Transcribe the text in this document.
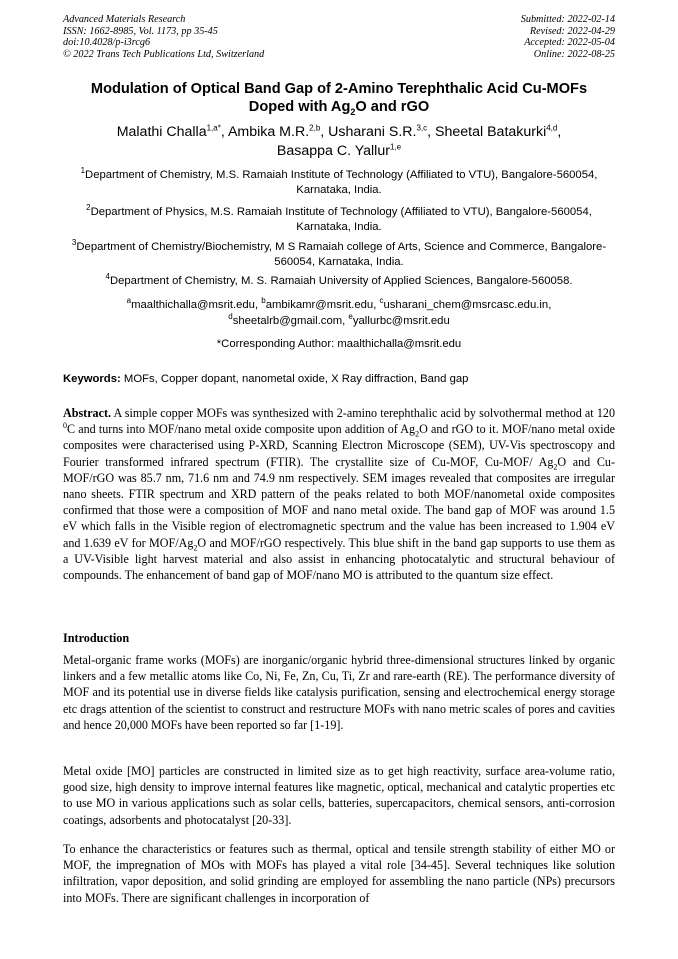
Advanced Materials Research
ISSN: 1662-8985, Vol. 1173, pp 35-45
doi:10.4028/p-i3rcg6
© 2022 Trans Tech Publications Ltd, Switzerland
Submitted: 2022-02-14
Revised: 2022-04-29
Accepted: 2022-05-04
Online: 2022-08-25
Modulation of Optical Band Gap of 2-Amino Terephthalic Acid Cu-MOFs
Doped with $Ag_2O$ and rGO
Malathi Challa$^{1,a*}$, Ambika M.R.$^{2,b}$, Usharani S.R.$^{3,c}$, Sheetal Batakurki$^{4,d}$,
Basappa C. Yallur$^{1,e}$
$^1$Department of Chemistry, M.S. Ramaiah Institute of Technology (Affiliated to VTU), Bangalore-560054, Karnataka, India.
$^2$Department of Physics, M.S. Ramaiah Institute of Technology (Affiliated to VTU), Bangalore-560054, Karnataka, India.
$^3$Department of Chemistry/Biochemistry, M S Ramaiah college of Arts, Science and Commerce, Bangalore-560054, Karnataka, India.
$^4$Department of Chemistry, M. S. Ramaiah University of Applied Sciences, Bangalore-560058.
$^a$maalthichalla@msrit.edu, $^b$ambikamr@msrit.edu, $^c$usharani_chem@msrcasc.edu.in,
$^d$sheetalrb@gmail.com, $^e$yallurbc@msrit.edu
*Corresponding Author: maalthichalla@msrit.edu
Keywords: MOFs, Copper dopant, nanometal oxide, X Ray diffraction, Band gap
Abstract. A simple copper MOFs was synthesized with 2-amino terephthalic acid by solvothermal method at 120 $^0$C and turns into MOF/nano metal oxide composite upon addition of $Ag_2O$ and rGO to it. MOF/nano metal oxide composites were characterised using P-XRD, Scanning Electron Microscope (SEM), UV-Vis spectroscopy and Fourier transformed infrared spectrum (FTIR). The crystallite size of Cu-MOF, Cu-MOF/ $Ag_2O$ and Cu-MOF/rGO was 85.7 nm, 71.6 nm and 74.9 nm respectively. SEM images revealed that composites are irregular nano sheets. FTIR spectrum and XRD pattern of the peaks related to both MOF/nanometal oxide composites confirmed that those were a composition of MOF and nano metal oxide. The band gap of MOF was around 1.5 eV which falls in the Visible region of electromagnetic spectrum and the value has been increased to 1.904 eV and 1.639 eV for MOF/$Ag_2O$ and MOF/rGO respectively. This blue shift in the band gap supports to use them as a UV-Visible light harvest material and also assist in enhancing photocatalytic and structural behaviour of compounds. The enhancement of band gap of MOF/nano MO is attributed to the quantum size effect.
Introduction
Metal-organic frame works (MOFs) are inorganic/organic hybrid three-dimensional structures linked by organic linkers and a few metallic atoms like Co, Ni, Fe, Zn, Cu, Ti, Zr and rare-earth (RE). The performance diversity of MOF and its potential use in diverse fields like catalysis purification, sensing and electrochemical energy storage etc drags attention of the scientist to construct and restructure MOFs with nano metric scales of pores and cavities and hence 20,000 MOFs have been reported so far [1-19].
Metal oxide [MO] particles are constructed in limited size as to get high reactivity, surface area-volume ratio, good size, high density to improve internal features like magnetic, optical, mechanical and catalytic properties etc to use MO in various applications such as solar cells, batteries, supercapacitors, chemical sensors, anti-corrosion coatings, adsorbents and photocatalyst [20-33].
To enhance the characteristics or features such as thermal, optical and tensile strength stability of either MO or MOF, the impregnation of MOs with MOFs has played a vital role [34-45]. Several techniques like solution infiltration, vapor deposition, and solid grinding are employed for assembling the nano particle (NPs) precursors into MOFs. There are significant challenges in incorporation of
